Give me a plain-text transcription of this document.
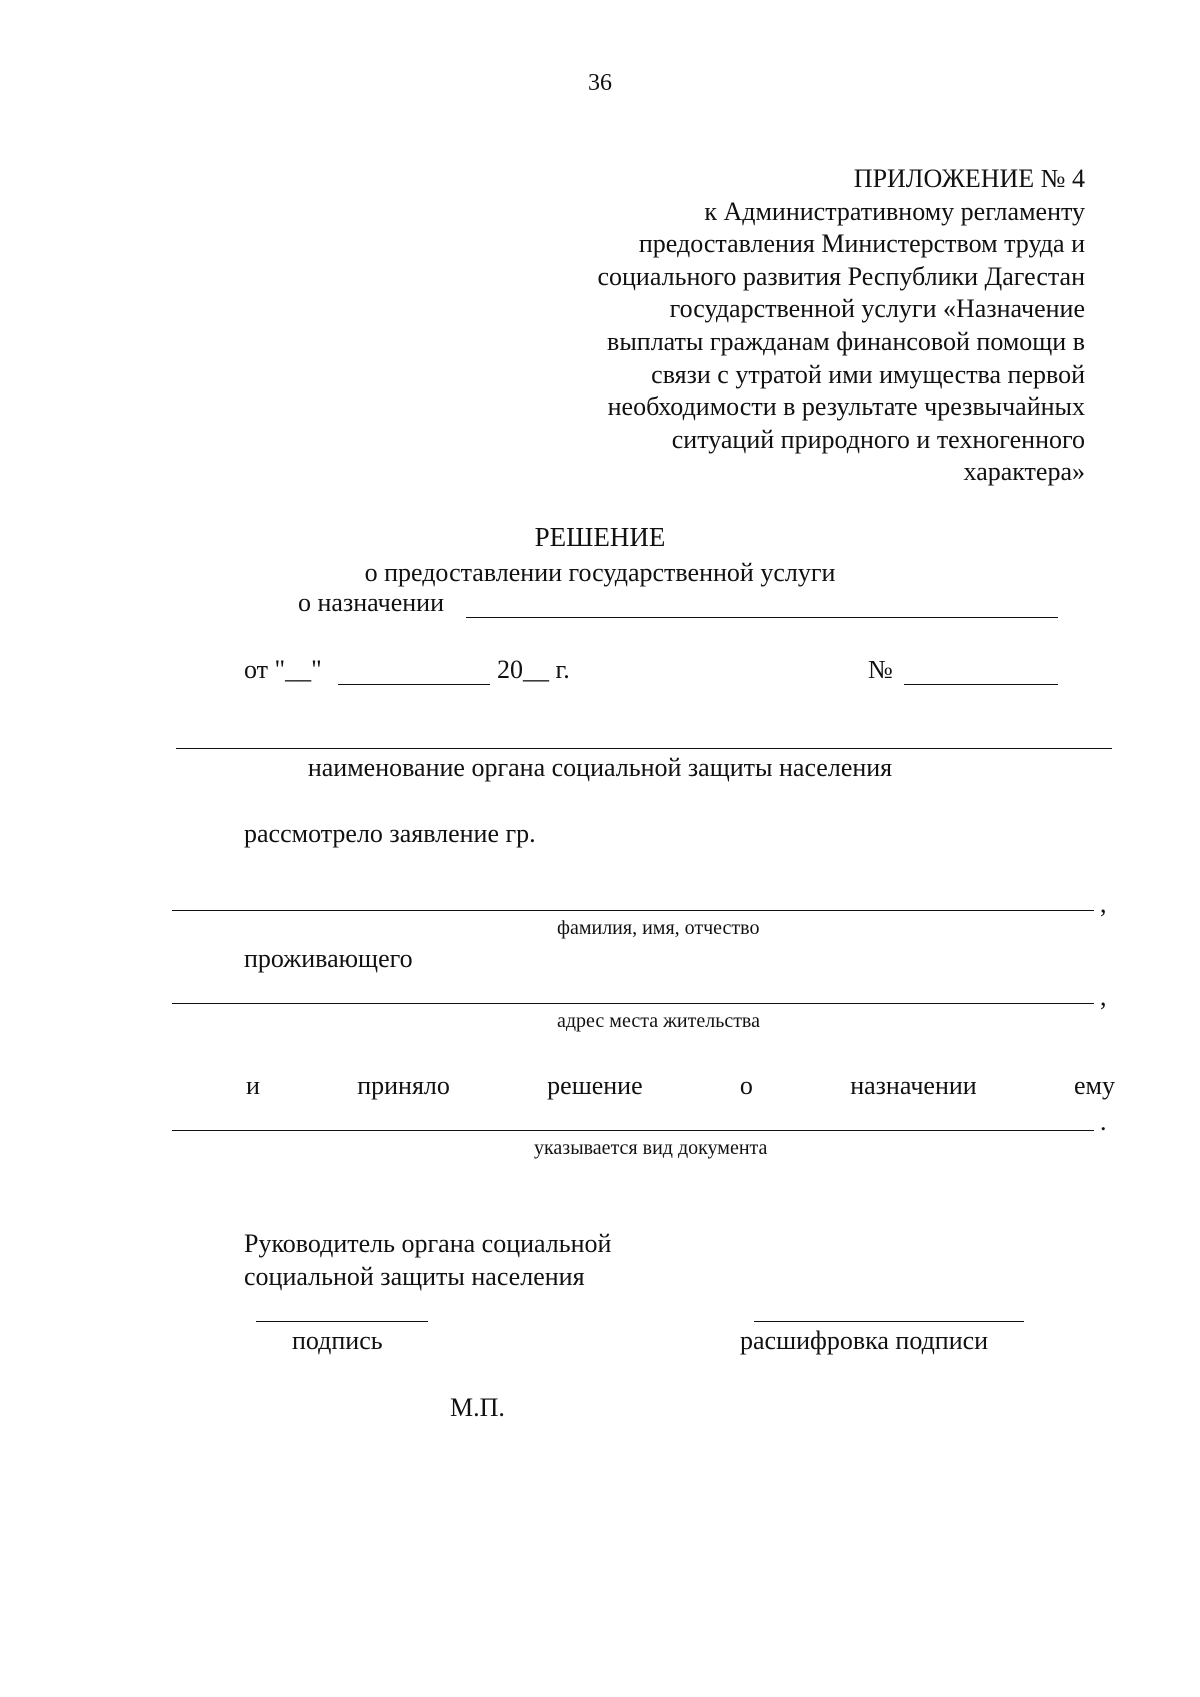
36
ПРИЛОЖЕНИЕ № 4
к Административному регламенту
предоставления Министерством труда и
социального развития Республики Дагестан
государственной услуги «Назначение
выплаты гражданам финансовой помощи в
связи с утратой ими имущества первой
необходимости в результате чрезвычайных
ситуаций природного и техногенного
характера»
РЕШЕНИЕ
о предоставлении государственной услуги
о назначении
от "__"	20__ г.	№
наименование органа социальной защиты населения
рассмотрело заявление гр.
,
фамилия, имя, отчество
проживающего
,
адрес места жительства
и	приняло	решение	о	назначении	ему
.
указывается вид документа
Руководитель органа социальной
социальной защиты населения
подпись	расшифровка подписи
М.П.
